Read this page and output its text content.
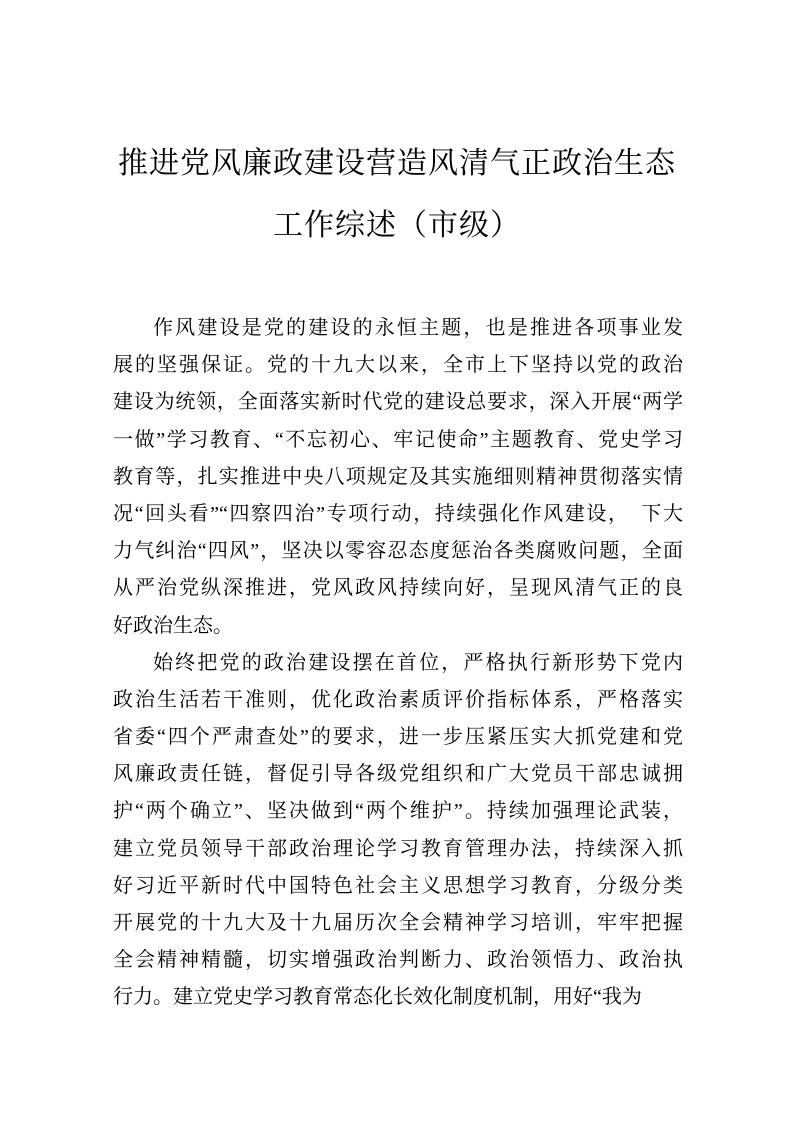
推进党风廉政建设营造风清气正政治生态
工作综述（市级）
作风建设是党的建设的永恒主题，也是推进各项事业发
展的坚强保证。党的十九大以来，全市上下坚持以党的政治
建设为统领，全面落实新时代党的建设总要求，深入开展“两学
一做”学习教育、“不忘初心、牢记使命”主题教育、党史学习
教育等，扎实推进中央八项规定及其实施细则精神贯彻落实情
况“回头看”“四察四治”专项行动，持续强化作风建设，　下大
力气纠治“四风”，坚决以零容忍态度惩治各类腐败问题，全面
从严治党纵深推进，党风政风持续向好，呈现风清气正的良
好政治生态。
始终把党的政治建设摆在首位，严格执行新形势下党内
政治生活若干准则，优化政治素质评价指标体系，严格落实
省委“四个严肃查处”的要求，进一步压紧压实大抓党建和党
风廉政责任链，督促引导各级党组织和广大党员干部忠诚拥
护“两个确立”、坚决做到“两个维护”。持续加强理论武装，
建立党员领导干部政治理论学习教育管理办法，持续深入抓
好习近平新时代中国特色社会主义思想学习教育，分级分类
开展党的十九大及十九届历次全会精神学习培训，牢牢把握
全会精神精髓，切实增强政治判断力、政治领悟力、政治执
行力。建立党史学习教育常态化长效化制度机制，用好“我为
